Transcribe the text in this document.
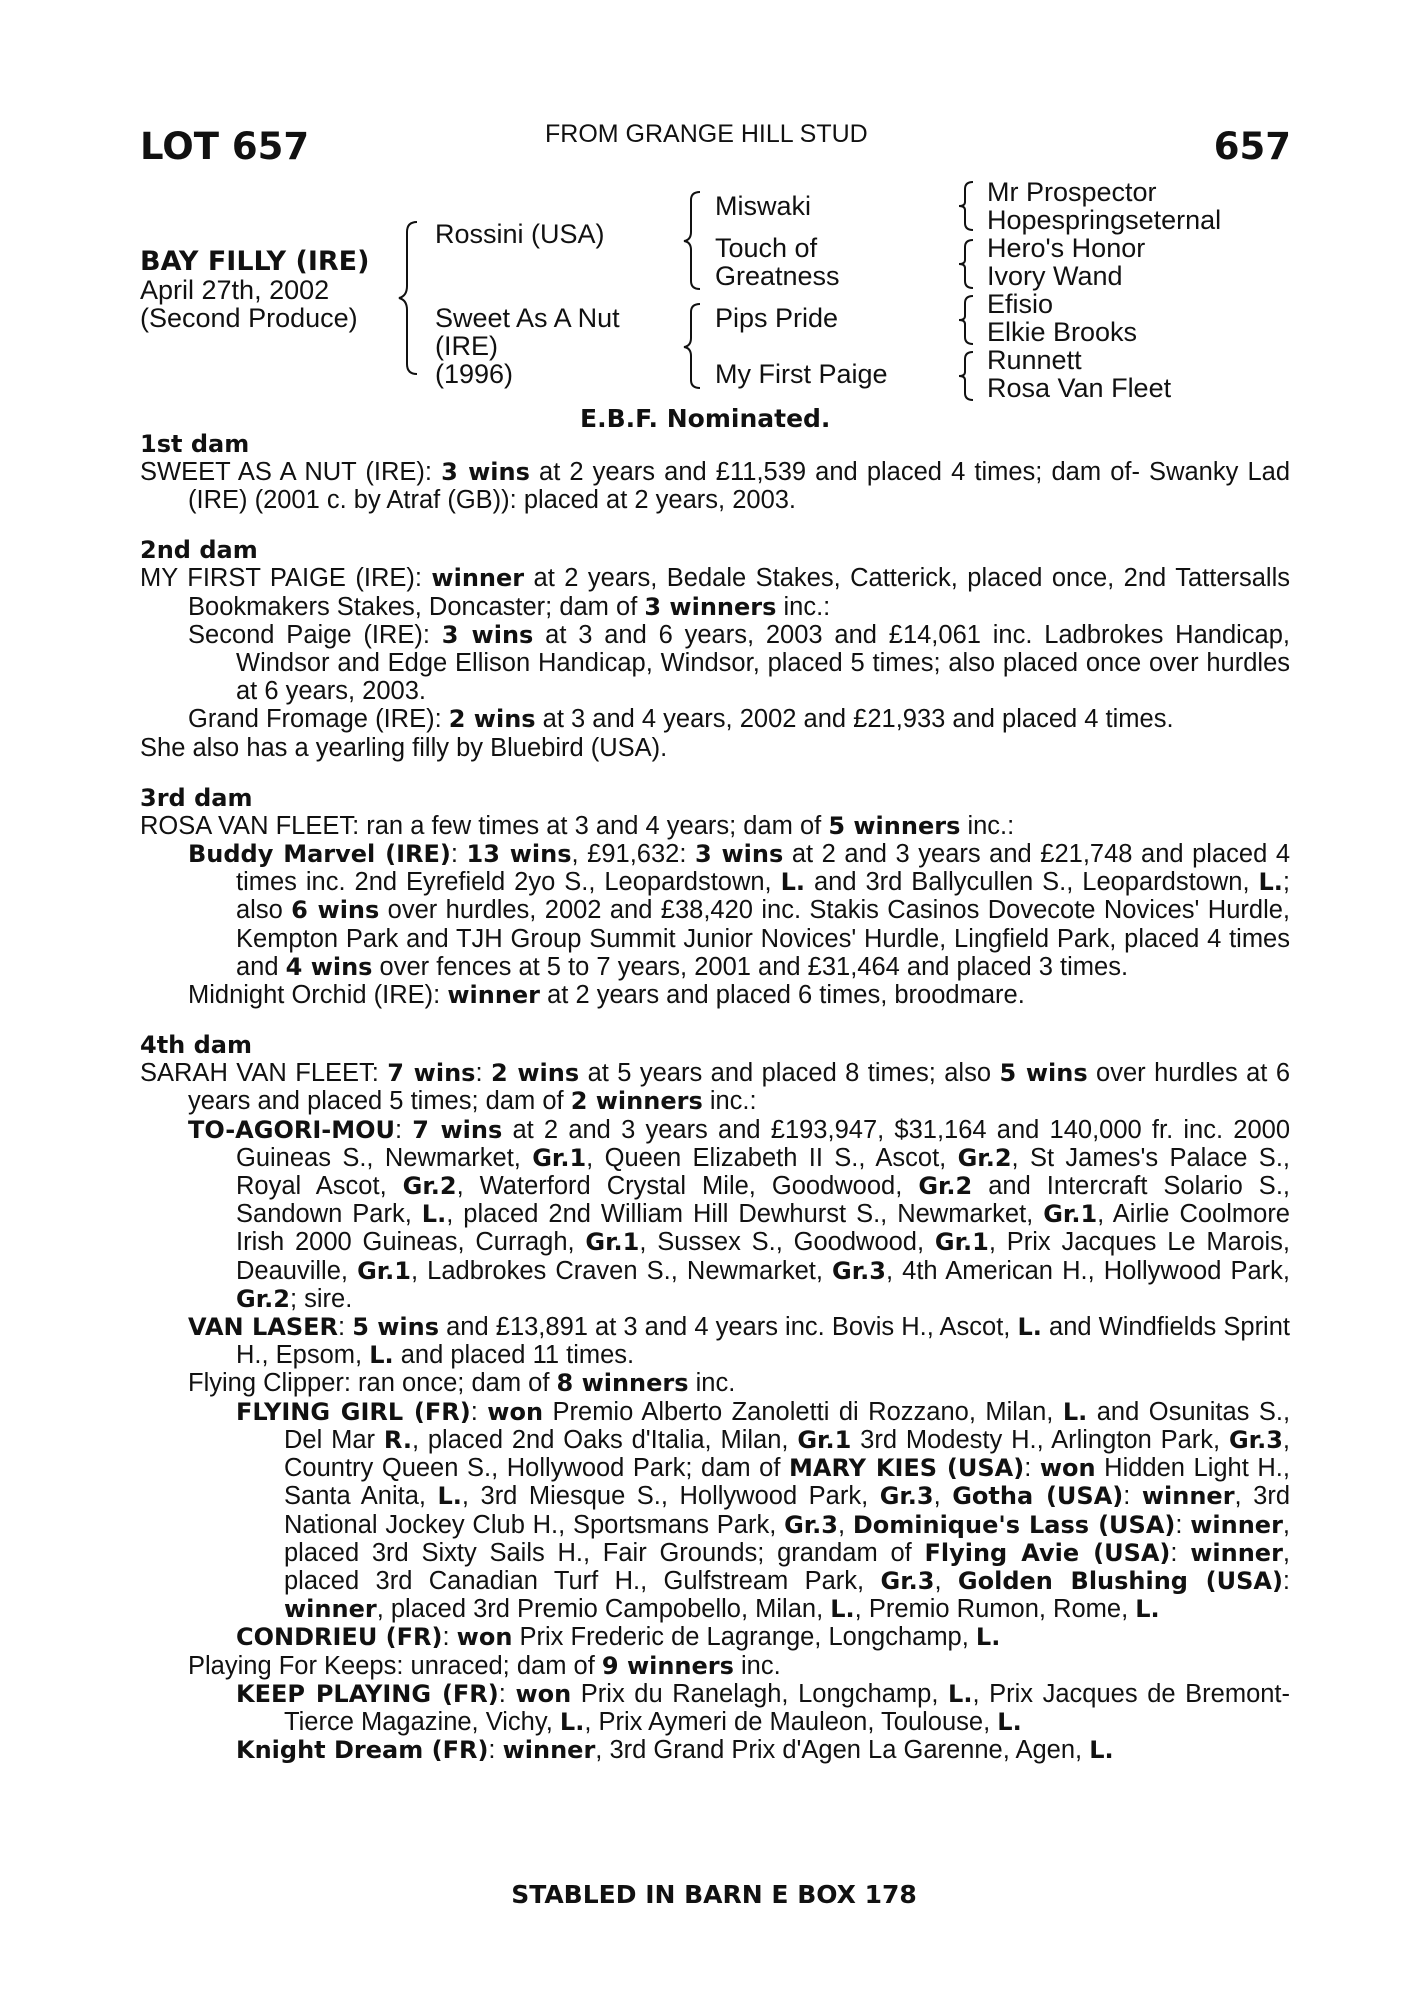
LOT 657	FROM GRANGE HILL STUD	657
BAY FILLY (IRE)
April 27th, 2002
(Second Produce)
Rossini (USA)
Sweet As A Nut
(IRE)
(1996)
Miswaki
Touch of
Greatness
Pips Pride
My First Paige
Mr Prospector
Hopespringseternal
Hero's Honor
Ivory Wand
Efisio
Elkie Brooks
Runnett
Rosa Van Fleet
E.B.F. Nominated.
1st dam
SWEET AS A NUT (IRE): 3 wins at 2 years and £11,539 and placed 4 times; dam of- Swanky Lad (IRE) (2001 c. by Atraf (GB)): placed at 2 years, 2003.
2nd dam
MY FIRST PAIGE (IRE): winner at 2 years, Bedale Stakes, Catterick, placed once, 2nd Tattersalls Bookmakers Stakes, Doncaster; dam of 3 winners inc.:
Second Paige (IRE): 3 wins at 3 and 6 years, 2003 and £14,061 inc. Ladbrokes Handicap, Windsor and Edge Ellison Handicap, Windsor, placed 5 times; also placed once over hurdles at 6 years, 2003.
Grand Fromage (IRE): 2 wins at 3 and 4 years, 2002 and £21,933 and placed 4 times.
She also has a yearling filly by Bluebird (USA).
3rd dam
ROSA VAN FLEET: ran a few times at 3 and 4 years; dam of 5 winners inc.:
Buddy Marvel (IRE): 13 wins, £91,632: 3 wins at 2 and 3 years and £21,748 and placed 4 times inc. 2nd Eyrefield 2yo S., Leopardstown, L. and 3rd Ballycullen S., Leopardstown, L.; also 6 wins over hurdles, 2002 and £38,420 inc. Stakis Casinos Dovecote Novices' Hurdle, Kempton Park and TJH Group Summit Junior Novices' Hurdle, Lingfield Park, placed 4 times and 4 wins over fences at 5 to 7 years, 2001 and £31,464 and placed 3 times.
Midnight Orchid (IRE): winner at 2 years and placed 6 times, broodmare.
4th dam
SARAH VAN FLEET: 7 wins: 2 wins at 5 years and placed 8 times; also 5 wins over hurdles at 6 years and placed 5 times; dam of 2 winners inc.:
TO-AGORI-MOU: 7 wins at 2 and 3 years and £193,947, $31,164 and 140,000 fr. inc. 2000 Guineas S., Newmarket, Gr.1, Queen Elizabeth II S., Ascot, Gr.2, St James's Palace S., Royal Ascot, Gr.2, Waterford Crystal Mile, Goodwood, Gr.2 and Intercraft Solario S., Sandown Park, L., placed 2nd William Hill Dewhurst S., Newmarket, Gr.1, Airlie Coolmore Irish 2000 Guineas, Curragh, Gr.1, Sussex S., Goodwood, Gr.1, Prix Jacques Le Marois, Deauville, Gr.1, Ladbrokes Craven S., Newmarket, Gr.3, 4th American H., Hollywood Park, Gr.2; sire.
VAN LASER: 5 wins and £13,891 at 3 and 4 years inc. Bovis H., Ascot, L. and Windfields Sprint H., Epsom, L. and placed 11 times.
Flying Clipper: ran once; dam of 8 winners inc.
FLYING GIRL (FR): won Premio Alberto Zanoletti di Rozzano, Milan, L. and Osunitas S., Del Mar R., placed 2nd Oaks d'Italia, Milan, Gr.1 3rd Modesty H., Arlington Park, Gr.3, Country Queen S., Hollywood Park; dam of MARY KIES (USA): won Hidden Light H., Santa Anita, L., 3rd Miesque S., Hollywood Park, Gr.3, Gotha (USA): winner, 3rd National Jockey Club H., Sportsmans Park, Gr.3, Dominique's Lass (USA): winner, placed 3rd Sixty Sails H., Fair Grounds; grandam of Flying Avie (USA): winner, placed 3rd Canadian Turf H., Gulfstream Park, Gr.3, Golden Blushing (USA): winner, placed 3rd Premio Campobello, Milan, L., Premio Rumon, Rome, L.
CONDRIEU (FR): won Prix Frederic de Lagrange, Longchamp, L.
Playing For Keeps: unraced; dam of 9 winners inc.
KEEP PLAYING (FR): won Prix du Ranelagh, Longchamp, L., Prix Jacques de Bremont-Tierce Magazine, Vichy, L., Prix Aymeri de Mauleon, Toulouse, L.
Knight Dream (FR): winner, 3rd Grand Prix d'Agen La Garenne, Agen, L.
STABLED IN BARN E BOX 178
